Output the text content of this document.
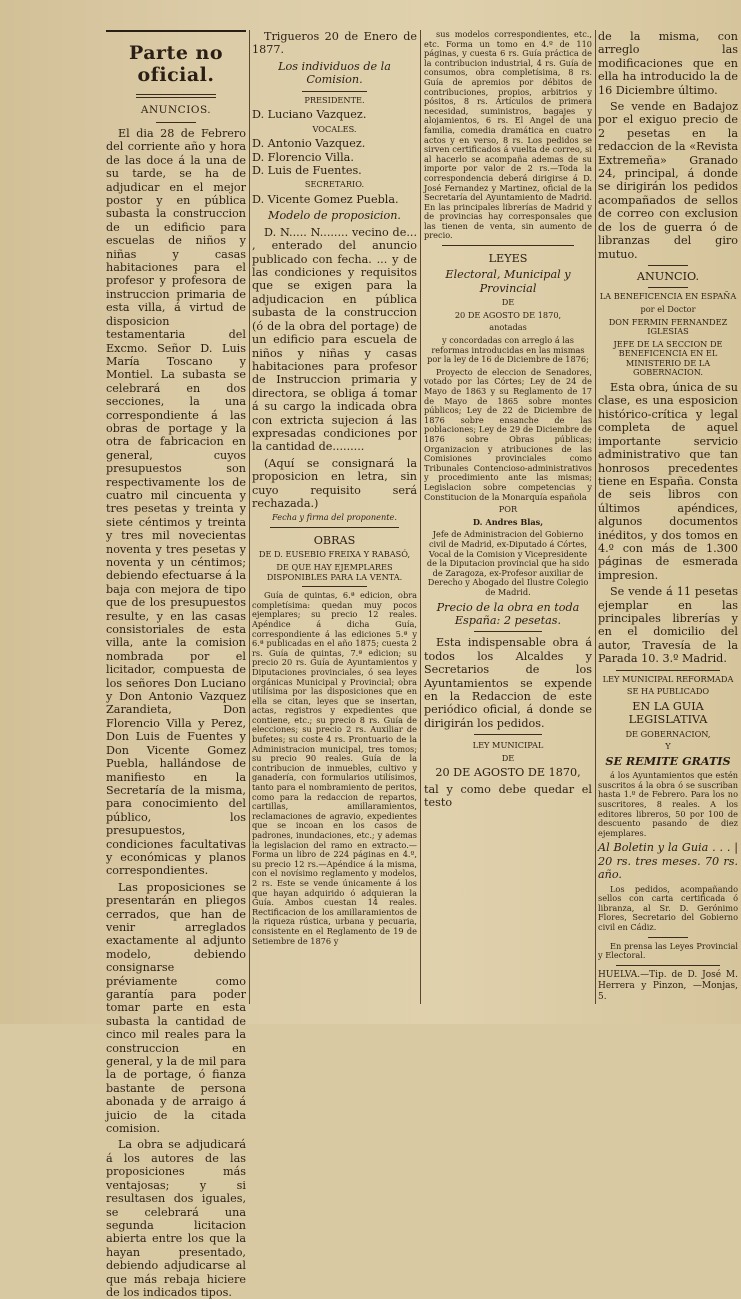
Parte no oficial.
ANUNCIOS.

El dia 28 de Febrero del corriente año y hora de las doce á la una de su tarde, se ha de adjudicar en el mejor postor y en pública subasta la construccion de un edificio para escuelas de niños y niñas y casas habitaciones para el profesor y profesora de instruccion primaria de esta villa, á virtud de disposicion testamentaria del Excmo. Señor D. Luis María Toscano y Montiel. La subasta se celebrará en dos secciones, la una correspondiente á las obras de portage y la otra de fabricacion en general, cuyos presupuestos son respectivamente los de cuatro mil cincuenta y tres pesetas y treinta y siete céntimos y treinta y tres mil novecientas noventa y tres pesetas y noventa y un céntimos; debiendo efectuarse á la baja con mejora de tipo que de los presupuestos resulte, y en las casas consistoriales de esta villa, ante la comision nombrada por el licitador, compuesta de los señores Don Luciano y Don Antonio Vazquez Zarandieta, Don Florencio Villa y Perez, Don Luis de Fuentes y Don Vicente Gomez Puebla, hallándose de manifiesto en la Secretaría de la misma, para conocimiento del público, los presupuestos, condiciones facultativas y económicas y planos correspondientes.

Las proposiciones se presentarán en pliegos cerrados, que han de venir arreglados exactamente al adjunto modelo, debiendo consignarse préviamente como garantía para poder tomar parte en esta subasta la cantidad de cinco mil reales para la construccion en general, y la de mil para la de portage, ó fianza bastante de persona abonada y de arraigo á juicio de la citada comision.

La obra se adjudicará á los autores de las proposiciones más ventajosas; y si resultasen dos iguales, se celebrará una segunda licitacion abierta entre los que la hayan presentado, debiendo adjudicarse al que más rebaja hiciere de los indicados tipos.

Trigueros 20 de Enero de 1877.

Los individuos de la Comision.

PRESIDENTE.

D. Luciano Vazquez.

VOCALES.

D. Antonio Vazquez.

D. Florencio Villa.

D. Luis de Fuentes.

SECRETARIO.

D. Vicente Gomez Puebla.

Modelo de proposicion.

D. N..... N........ vecino de... , enterado del anuncio publicado con fecha. ... y de las condiciones y requisitos que se exigen para la adjudicacion en pública subasta de la construccion (ó de la obra del portage) de un edificio para escuela de niños y niñas y casas habitaciones para profesor de Instruccion primaria y directora, se obliga á tomar á su cargo la indicada obra con extricta sujecion á las expresadas condiciones por la cantidad de.........

(Aquí se consignará la proposicion en letra, sin cuyo requisito será rechazada.)

Fecha y firma del proponente.

OBRAS

DE D. EUSEBIO FREIXA Y RABASÓ,

DE QUE HAY EJEMPLARES DISPONIBLES PARA LA VENTA.

Guía de quintas, 6.ª edicion, obra completísima: quedan muy pocos ejemplares; su precio 12 reales. Apéndice á dicha Guía, correspondiente á las ediciones 5.ª y 6.ª publicadas en el año 1875; cuesta 2 rs. Guía de quintas, 7.ª edicion; su precio 20 rs. Guía de Ayuntamientos y Diputaciones provinciales, ó sea leyes orgánicas Municipal y Provincial; obra utilísima por las disposiciones que en ella se citan, leyes que se insertan, actas, registros y expedientes que contiene, etc.; su precio 8 rs. Guía de elecciones; su precio 2 rs. Auxiliar de bufetes; su coste 4 rs. Prontuario de la Administracion municipal, tres tomos; su precio 90 reales. Guía de la contribucion de inmuebles, cultivo y ganadería, con formularios utilísimos, tanto para el nombramiento de peritos, como para la redaccion de repartos, cartillas, amillaramientos, reclamaciones de agravio, expedientes que se incoan en los casos de padrones, inundaciones, etc.; y ademas la legislacion del ramo en extracto.—Forma un libro de 224 páginas en 4.º, su precio 12 rs.—Apéndice á la misma, con el novísimo reglamento y modelos, 2 rs. Este se vende únicamente á los que hayan adquirido ó adquieran la Guía. Ambos cuestan 14 reales. Rectificacion de los amillaramientos de la riqueza rústica, urbana y pecuaria, consistente en el Reglamento de 19 de Setiembre de 1876 y

sus modelos correspondientes, etc., etc. Forma un tomo en 4.º de 110 páginas, y cuesta 6 rs. Guía práctica de la contribucion industrial, 4 rs. Guía de consumos, obra completísima, 8 rs. Guía de apremios por débitos de contribuciones, propios, arbitrios y pósitos, 8 rs. Artículos de primera necesidad, suministros, bagajes y alojamientos, 6 rs. El Angel de una familia, comedia dramática en cuatro actos y en verso, 8 rs. Los pedidos se sirven certificados á vuelta de correo, si al hacerlo se acompaña ademas de su importe por valor de 2 rs.—Toda la correspondencia deberá dirigirse á D. José Fernandez y Martinez, oficial de la Secretaría del Ayuntamiento de Madrid. En las principales librerías de Madrid y de provincias hay corresponsales que las tienen de venta, sin aumento de precio.

LEYES

Electoral, Municipal y Provincial

DE

20 DE AGOSTO DE 1870,

anotadas

y concordadas con arreglo á las reformas introducidas en las mismas por la ley de 16 de Diciembre de 1876;

Proyecto de eleccion de Senadores, votado por las Córtes; Ley de 24 de Mayo de 1863 y su Reglamento de 17 de Mayo de 1865 sobre montes públicos; Ley de 22 de Diciembre de 1876 sobre ensanche de las poblaciones; Ley de 29 de Diciembre de 1876 sobre Obras públicas; Organizacion y atribuciones de las Comisiones provinciales como Tribunales Contencioso-administrativos y procedimiento ante las mismas; Legislacion sobre competencias y Constitucion de la Monarquía española

POR

D. Andres Blas,

Jefe de Administracion del Gobierno civil de Madrid, ex-Diputado á Córtes, Vocal de la Comision y Vicepresidente de la Diputacion provincial que ha sido de Zaragoza, ex-Profesor auxiliar de Derecho y Abogado del Ilustre Colegio de Madrid.

Precio de la obra en toda España: 2 pesetas.

Esta indispensable obra á todos los Alcaldes y Secretarios de los Ayuntamientos se expende en la Redaccion de este periódico oficial, á donde se dirigirán los pedidos.

LEY MUNICIPAL

DE

20 DE AGOSTO DE 1870,

tal y como debe quedar el testo

de la misma, con arreglo las modificaciones que en ella ha introducido la de 16 Diciembre último.

Se vende en Badajoz por el exiguo precio de 2 pesetas en la redaccion de la «Revista Extremeña» Granado 24, principal, á donde se dirigirán los pedidos acompañados de sellos de correo con exclusion de los de guerra ó de libranzas del giro mutuo.

ANUNCIO.

LA BENEFICENCIA EN ESPAÑA

por el Doctor

DON FERMIN FERNANDEZ IGLESIAS

JEFE DE LA SECCION DE BENEFICENCIA EN EL MINISTERIO DE LA GOBERNACION.

Esta obra, única de su clase, es una esposicion histórico-crítica y legal completa de aquel importante servicio administrativo que tan honrosos precedentes tiene en España. Consta de seis libros con últimos apéndices, algunos documentos inéditos, y dos tomos en 4.º con más de 1.300 páginas de esmerada impresion.

Se vende á 11 pesetas ejemplar en las principales librerías y en el domicilio del autor, Travesía de la Parada 10. 3.º Madrid.

LEY MUNICIPAL REFORMADA

SE HA PUBLICADO

EN LA GUIA LEGISLATIVA

DE GOBERNACION,

Y

SE REMITE GRATIS

á los Ayuntamientos que estén suscritos á la obra ó se suscriban hasta 1.º de Febrero. Para los no suscritores, 8 reales. A los editores libreros, 50 por 100 de descuento pasando de diez ejemplares.

Al Boletin y la Guia . . . | 20 rs. tres meses. 70 rs. año.

Los pedidos, acompañando sellos con carta certificada ó libranza, al Sr. D. Gerónimo Flores, Secretario del Gobierno civil en Cádiz.

En prensa las Leyes Provincial y Electoral.

HUELVA.—Tip. de D. José M. Herrera y Pinzon, —Monjas, 5.
